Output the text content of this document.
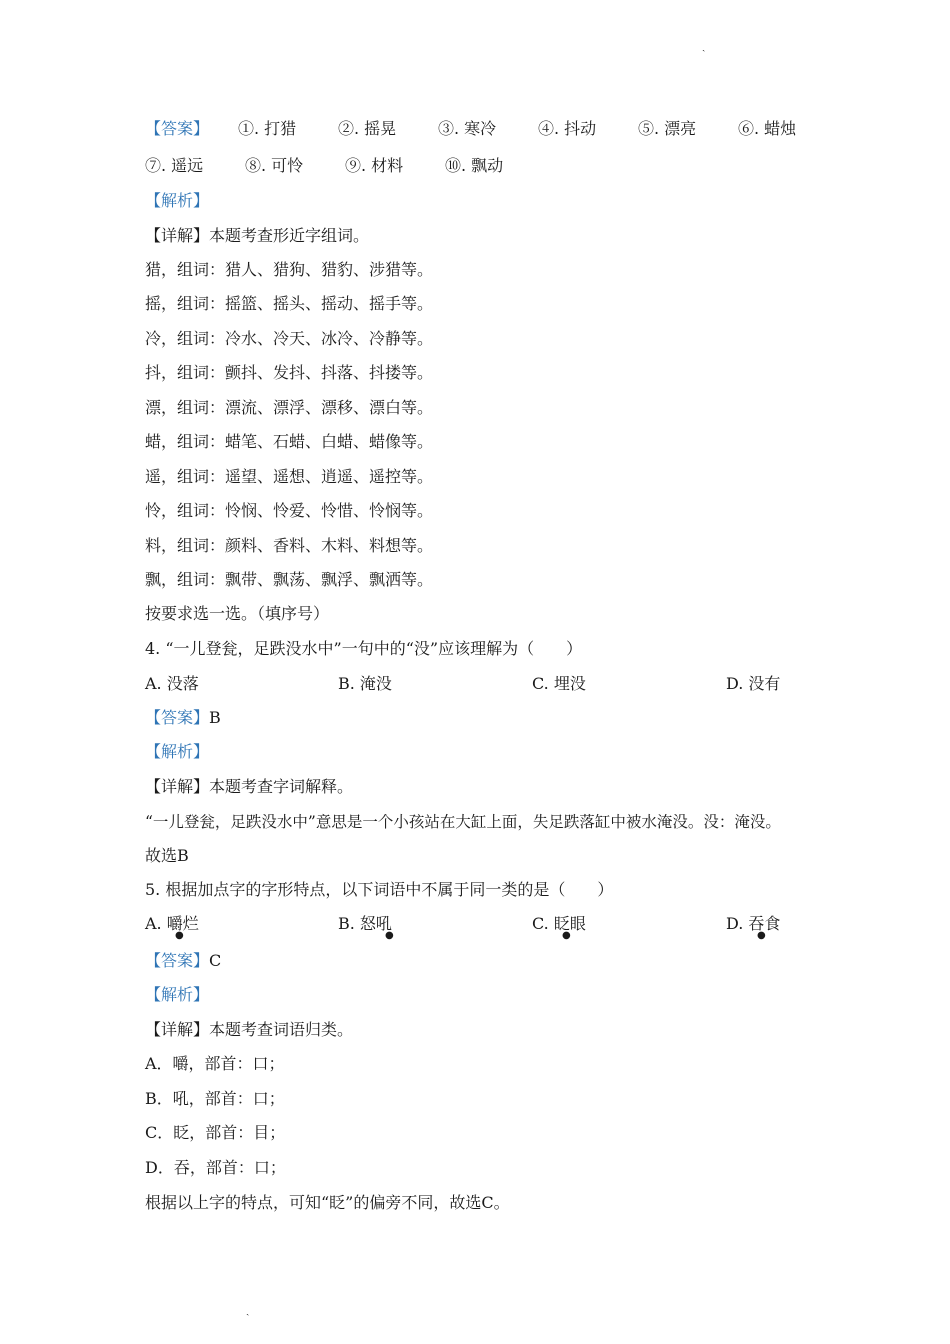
ˎ
【答案】 ①. 打猎	②. 摇晃	③. 寒冷	④. 抖动	⑤. 漂亮	⑥. 蜡烛
⑦. 遥远	⑧. 可怜	⑨. 材料	⑩. 飘动
【解析】
【详解】本题考查形近字组词。
猎，组词：猎人、猎狗、猎豹、涉猎等。
摇，组词：摇篮、摇头、摇动、摇手等。
冷，组词：冷水、冷天、冰冷、冷静等。
抖，组词：颤抖、发抖、抖落、抖搂等。
漂，组词：漂流、漂浮、漂移、漂白等。
蜡，组词：蜡笔、石蜡、白蜡、蜡像等。
遥，组词：遥望、遥想、逍遥、遥控等。
怜，组词：怜悯、怜爱、怜惜、怜悯等。
料，组词：颜料、香料、木料、料想等。
飘，组词：飘带、飘荡、飘浮、飘洒等。
按要求选一选。（填序号）
4. “一儿登瓮，足跌没水中”一句中的“没”应该理解为（　　）
A. 没落	B. 淹没	C. 埋没	D. 没有
【答案】B
【解析】
【详解】本题考查字词解释。
“一儿登瓮，足跌没水中”意思是一个小孩站在大缸上面，失足跌落缸中被水淹没。没：淹没。
故选B
5. 根据加点字的字形特点，以下词语中不属于同一类的是（　　）
A. 嚼烂	B. 怒吼	C. 眨眼	D. 吞食
●	●	●	●
【答案】C
【解析】
【详解】本题考查词语归类。
A．嚼，部首：口；
B．吼，部首：口；
C．眨，部首：目；
D．吞，部首：口；
根据以上字的特点，可知“眨”的偏旁不同，故选C。
ˎ
